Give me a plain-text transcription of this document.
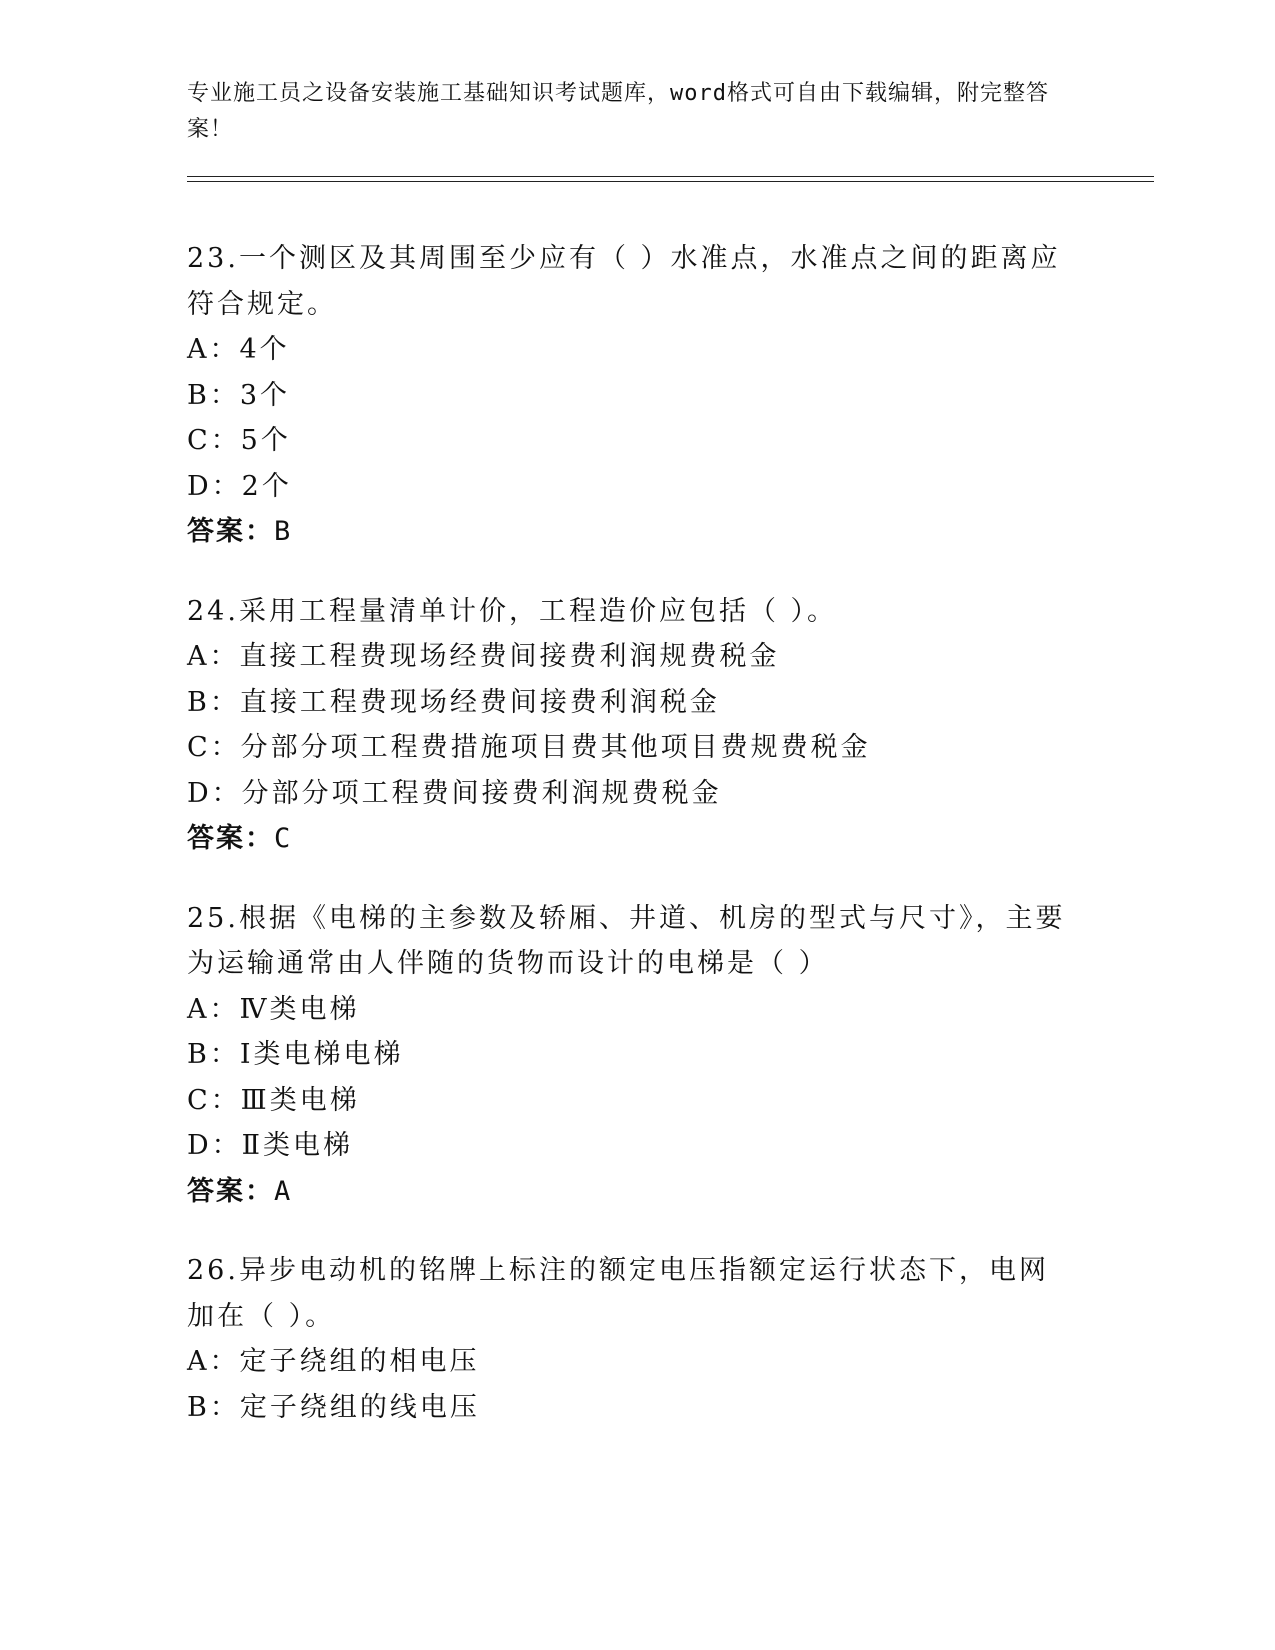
专业施工员之设备安装施工基础知识考试题库，word格式可自由下载编辑，附完整答案！
23.一个测区及其周围至少应有（ ）水准点，水准点之间的距离应符合规定。
A：4个
B：3个
C：5个
D：2个
答案：B
24.采用工程量清单计价，工程造价应包括（ ）。
A：直接工程费现场经费间接费利润规费税金
B：直接工程费现场经费间接费利润税金
C：分部分项工程费措施项目费其他项目费规费税金
D：分部分项工程费间接费利润规费税金
答案：C
25.根据《电梯的主参数及轿厢、井道、机房的型式与尺寸》，主要为运输通常由人伴随的货物而设计的电梯是（ ）
A：Ⅳ类电梯
B：Ⅰ类电梯电梯
C：Ⅲ类电梯
D：Ⅱ类电梯
答案：A
26.异步电动机的铭牌上标注的额定电压指额定运行状态下，电网加在（ ）。
A：定子绕组的相电压
B：定子绕组的线电压
